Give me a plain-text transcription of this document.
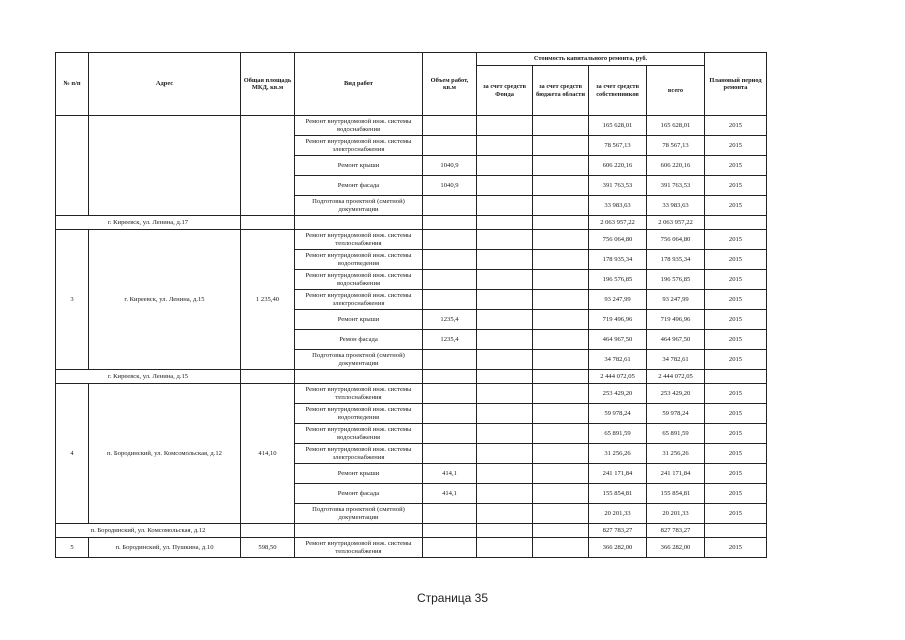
№ п/п	Адрес	Общая площадь МКД, кв.м	Вид работ	Объем работ, кв.м	Стоимость капитального ремонта, руб.				Плановый период ремонта
					за счет средств Фонда	за счет средств бюджета области	за счет средств собственников	всего	
			Ремонт внутридомовой инж. системы водоснабжения				165 628,01	165 628,01	2015
			Ремонт внутридомовой инж. системы электроснабжения				78 567,13	78 567,13	2015
			Ремонт крыши	1040,9			606 220,16	606 220,16	2015
			Ремонт фасада	1040,9			391 763,53	391 763,53	2015
			Подготовка проектной (сметной) документации				33 983,63	33 983,63	2015
г. Киреевск, ул. Ленина, д.17							2 063 957,22	2 063 957,22	
3	г. Киреевск, ул. Ленина, д.15	1 235,40	Ремонт внутридомовой инж. системы теплоснабжения				756 064,80	756 064,80	2015
			Ремонт внутридомовой инж. системы водоотведения				178 935,34	178 935,34	2015
			Ремонт внутридомовой инж. системы водоснабжения				196 576,85	196 576,85	2015
			Ремонт внутридомовой инж. системы электроснабжения				93 247,99	93 247,99	2015
			Ремонт крыши	1235,4			719 496,96	719 496,96	2015
			Ремон фасада	1235,4			464 967,50	464 967,50	2015
			Подготовка проектной (сметной) документации				34 782,61	34 782,61	2015
г. Киреевск, ул. Ленина, д.15							2 444 072,05	2 444 072,05	
4	п. Бородинский, ул. Комсомольская, д.12	414,10	Ремонт внутридомовой инж. системы теплоснабжения				253 429,20	253 429,20	2015
			Ремонт внутридомовой инж. системы водоотведения				59 978,24	59 978,24	2015
			Ремонт внутридомовой инж. системы водоснабжения				65 891,59	65 891,59	2015
			Ремонт внутридомовой инж. системы электроснабжения				31 256,26	31 256,26	2015
			Ремонт крыши	414,1			241 171,84	241 171,84	2015
			Ремонт фасада	414,1			155 854,81	155 854,81	2015
			Подготовка проектной (сметной) документации				20 201,33	20 201,33	2015
п. Бородинский, ул. Комсомольская, д.12							827 783,27	827 783,27	
5	п. Бородинский, ул. Пушкина, д.10	598,50	Ремонт внутридомовой инж. системы теплоснабжения				366 282,00	366 282,00	2015
Страница 35
